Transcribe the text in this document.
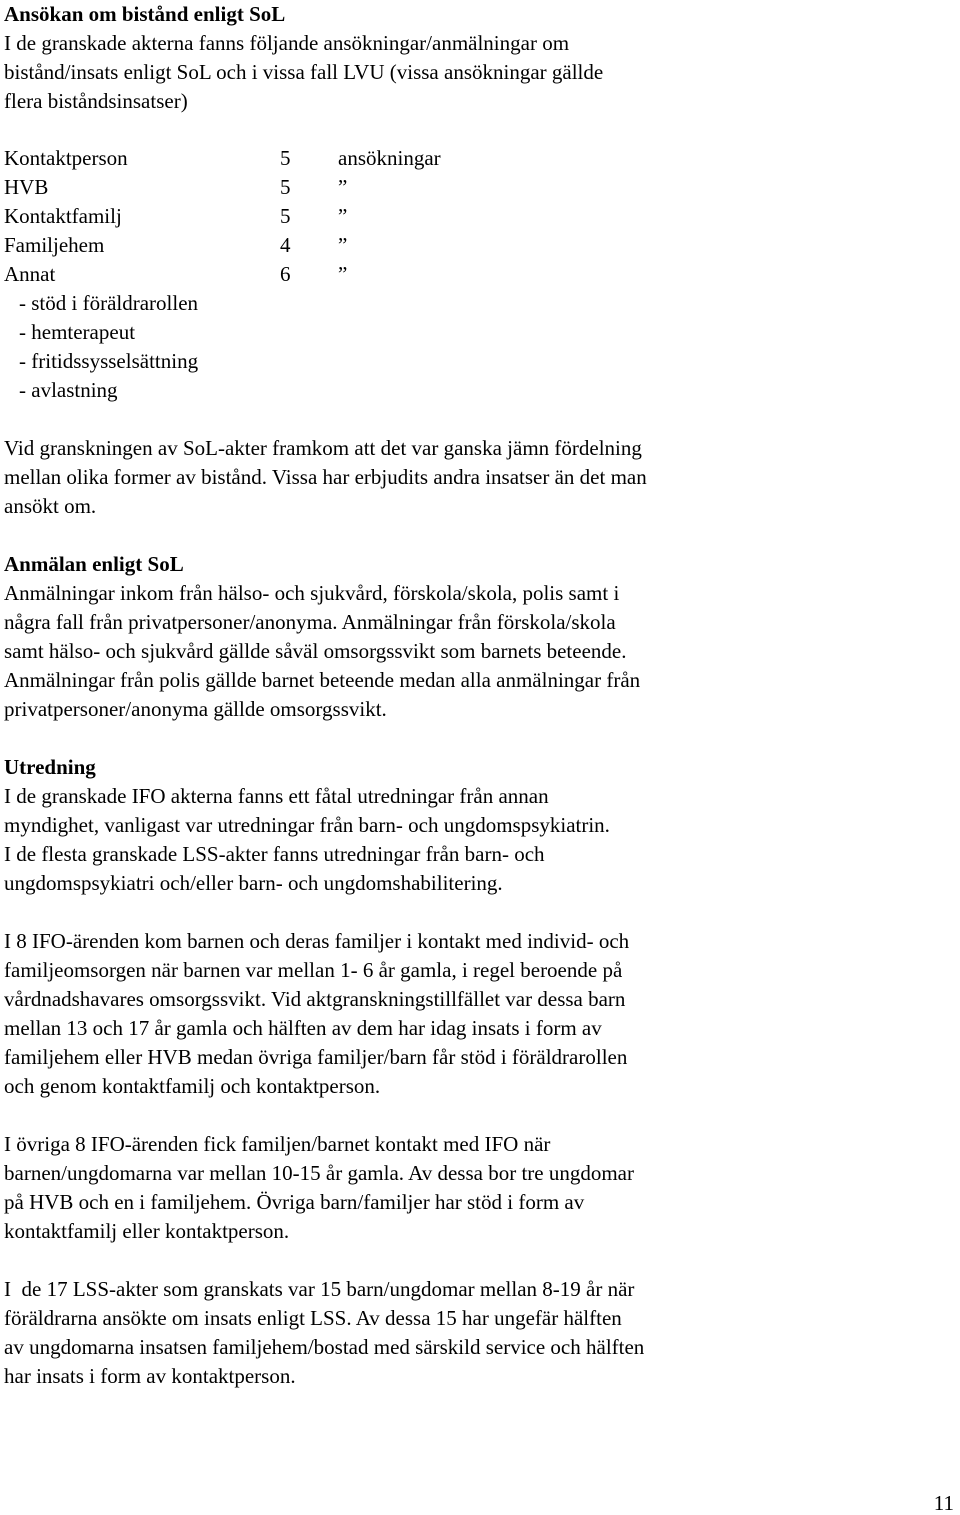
Ansökan om bistånd enligt SoL

I de granskade akterna fanns följande ansökningar/anmälningar om

bistånd/insats enligt SoL och i vissa fall LVU (vissa ansökningar gällde

flera biståndsinsatser)

Kontaktperson	5	ansökningar
HVB	5	”
Kontaktfamilj	5	”
Familjehem	4	”
Annat	6	”
- stöd i föräldrarollen
- hemterapeut
- fritidssysselsättning
- avlastning

Vid granskningen av SoL-akter framkom att det var ganska jämn fördelning

mellan olika former av bistånd. Vissa har erbjudits andra insatser än det man

ansökt om.

Anmälan enligt SoL

Anmälningar inkom från hälso- och sjukvård, förskola/skola, polis samt i

några fall från privatpersoner/anonyma. Anmälningar från förskola/skola

samt hälso- och sjukvård gällde såväl omsorgssvikt som barnets beteende.

Anmälningar från polis gällde barnet beteende medan alla anmälningar från

privatpersoner/anonyma gällde omsorgssvikt.

Utredning

I de granskade IFO akterna fanns ett fåtal utredningar från annan

myndighet, vanligast var utredningar från barn- och ungdomspsykiatrin.

I de flesta granskade LSS-akter fanns utredningar från barn- och

ungdomspsykiatri och/eller barn- och ungdomshabilitering.

I 8 IFO-ärenden kom barnen och deras familjer i kontakt med individ- och

familjeomsorgen när barnen var mellan 1- 6 år gamla, i regel beroende på

vårdnadshavares omsorgssvikt. Vid aktgranskningstillfället var dessa barn

mellan 13 och 17 år gamla och hälften av dem har idag insats i form av

familjehem eller HVB medan övriga familjer/barn får stöd i föräldrarollen

och genom kontaktfamilj och kontaktperson.

I övriga 8 IFO-ärenden fick familjen/barnet kontakt med IFO när

barnen/ungdomarna var mellan 10-15 år gamla. Av dessa bor tre ungdomar

på HVB och en i familjehem. Övriga barn/familjer har stöd i form av

kontaktfamilj eller kontaktperson.

I  de 17 LSS-akter som granskats var 15 barn/ungdomar mellan 8-19 år när

föräldrarna ansökte om insats enligt LSS. Av dessa 15 har ungefär hälften

av ungdomarna insatsen familjehem/bostad med särskild service och hälften

har insats i form av kontaktperson.

11
